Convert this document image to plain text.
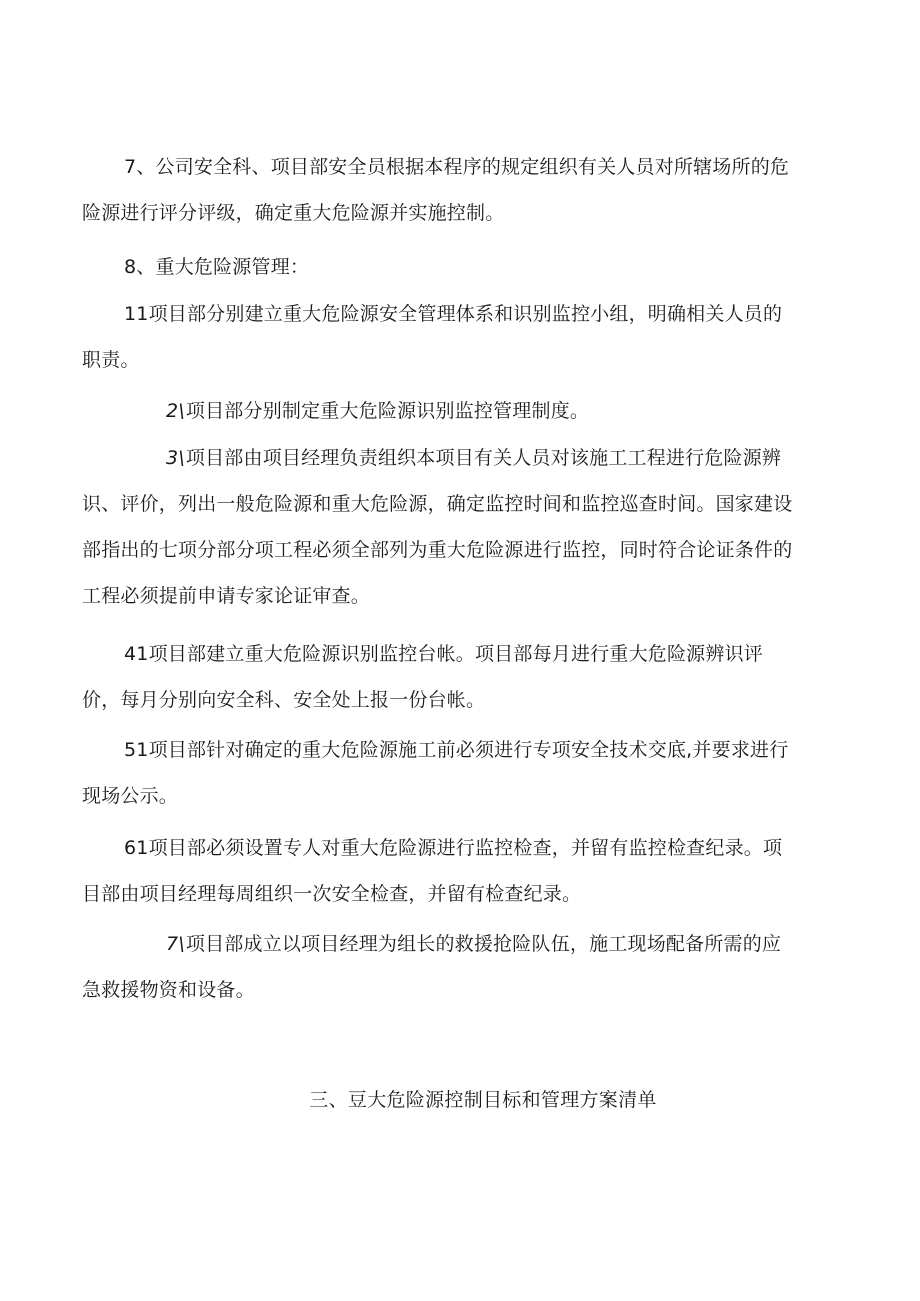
7、公司安全科、项目部安全员根据本程序的规定组织有关人员对所辖场所的危险源进行评分评级，确定重大危险源并实施控制。

8、重大危险源管理：

11项目部分别建立重大危险源安全管理体系和识别监控小组，明确相关人员的职责。

2\项目部分别制定重大危险源识别监控管理制度。

3\项目部由项目经理负责组织本项目有关人员对该施工工程进行危险源辨识、评价，列出一般危险源和重大危险源，确定监控时间和监控巡查时间。国家建设部指出的七项分部分项工程必须全部列为重大危险源进行监控，同时符合论证条件的工程必须提前申请专家论证审查。

41项目部建立重大危险源识别监控台帐。项目部每月进行重大危险源辨识评价，每月分别向安全科、安全处上报一份台帐。

51项目部针对确定的重大危险源施工前必须进行专项安全技术交底,并要求进行现场公示。

61项目部必须设置专人对重大危险源进行监控检查，并留有监控检查纪录。项目部由项目经理每周组织一次安全检查，并留有检查纪录。

7\项目部成立以项目经理为组长的救援抢险队伍，施工现场配备所需的应急救援物资和设备。

三、豆大危险源控制目标和管理方案清单
